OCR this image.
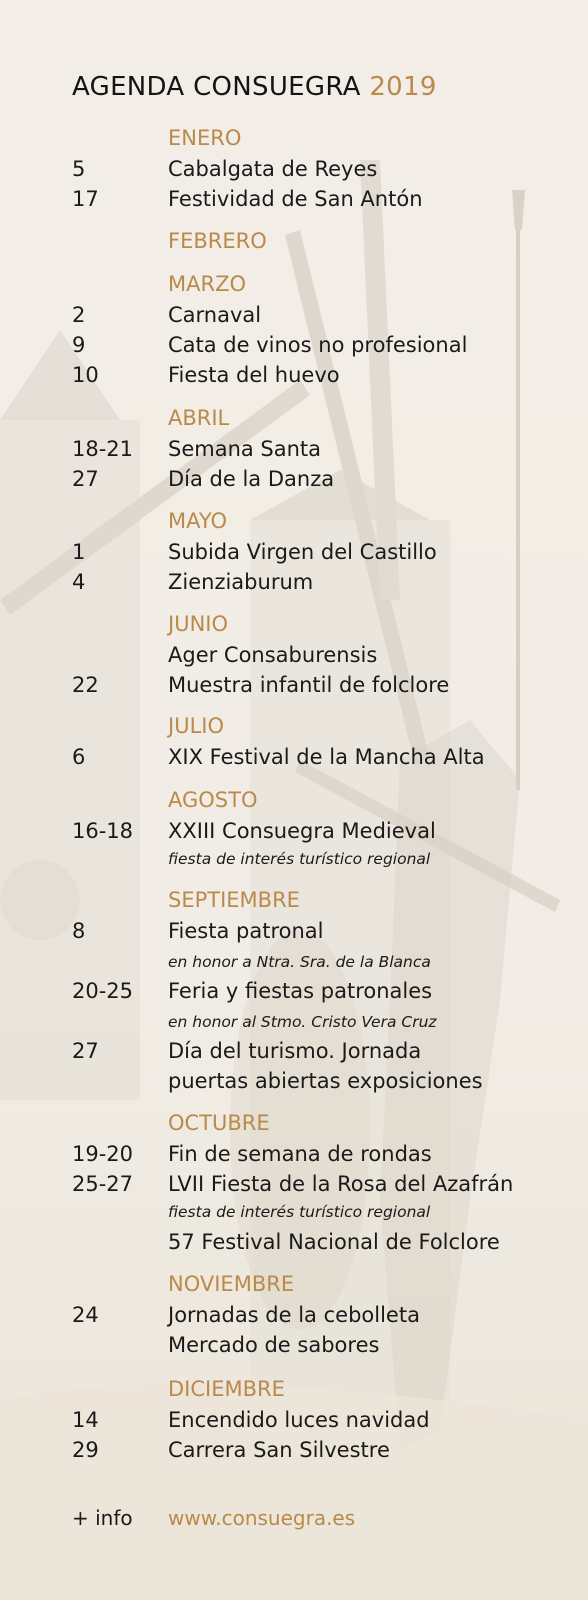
AGENDA CONSUEGRA 2019
ENERO
5	Cabalgata de Reyes
17	Festividad de San Antón
FEBRERO
MARZO
2	Carnaval
9	Cata de vinos no profesional
10	Fiesta del huevo
ABRIL
18-21 Semana Santa
27	Día de la Danza
MAYO
1	Subida Virgen del Castillo
4	Zienziaburum
JUNIO
Ager Consaburensis
22	Muestra infantil de folclore
JULIO
6	XIX Festival de la Mancha Alta
AGOSTO
16-18 XXIII Consuegra Medieval
fiesta de interés turístico regional
SEPTIEMBRE
8	Fiesta patronal
en honor a Ntra. Sra. de la Blanca
20-25 Feria y fiestas patronales
en honor al Stmo. Cristo Vera Cruz
27	Día del turismo. Jornada
puertas abiertas exposiciones
OCTUBRE
19-20 Fin de semana de rondas
25-27 LVII Fiesta de la Rosa del Azafrán
fiesta de interés turístico regional
57 Festival Nacional de Folclore
NOVIEMBRE
24	Jornadas de la cebolleta
Mercado de sabores
DICIEMBRE
14	Encendido luces navidad
29	Carrera San Silvestre
+ info www.consuegra.es
